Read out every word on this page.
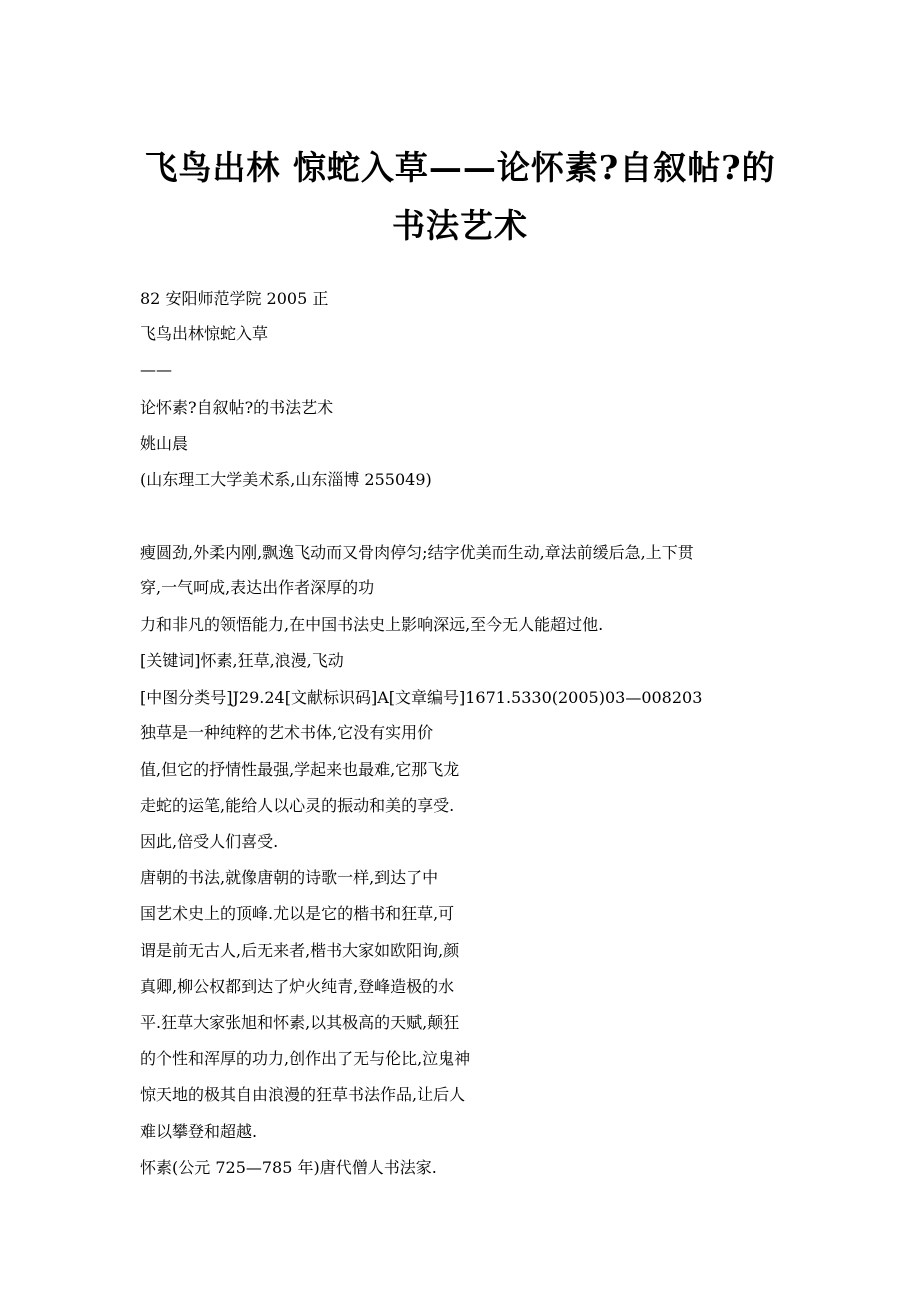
飞鸟出林 惊蛇入草——论怀素?自叙帖?的
书法艺术
82 安阳师范学院 2005 正
飞鸟出林惊蛇入草
——
论怀素?自叙帖?的书法艺术
姚山晨
(山东理工大学美术系,山东淄博 255049)
瘦圆劲,外柔内刚,飘逸飞动而又骨肉停匀;结字优美而生动,章法前缓后急,上下贯
穿,一气呵成,表达出作者深厚的功
力和非凡的领悟能力,在中国书法史上影响深远,至今无人能超过他.
[关键词]怀素,狂草,浪漫,飞动
[中图分类号]J29.24[文献标识码]A[文章编号]1671.5330(2005)03—008203
独草是一种纯粹的艺术书体,它没有实用价
值,但它的抒情性最强,学起来也最难,它那飞龙
走蛇的运笔,能给人以心灵的振动和美的享受.
因此,倍受人们喜受.
唐朝的书法,就像唐朝的诗歌一样,到达了中
国艺术史上的顶峰.尤以是它的楷书和狂草,可
谓是前无古人,后无来者,楷书大家如欧阳询,颜
真卿,柳公权都到达了炉火纯青,登峰造极的水
平.狂草大家张旭和怀素,以其极高的天赋,颠狂
的个性和浑厚的功力,创作出了无与伦比,泣鬼神
惊天地的极其自由浪漫的狂草书法作品,让后人
难以攀登和超越.
怀素(公元 725—785 年)唐代僧人书法家.
